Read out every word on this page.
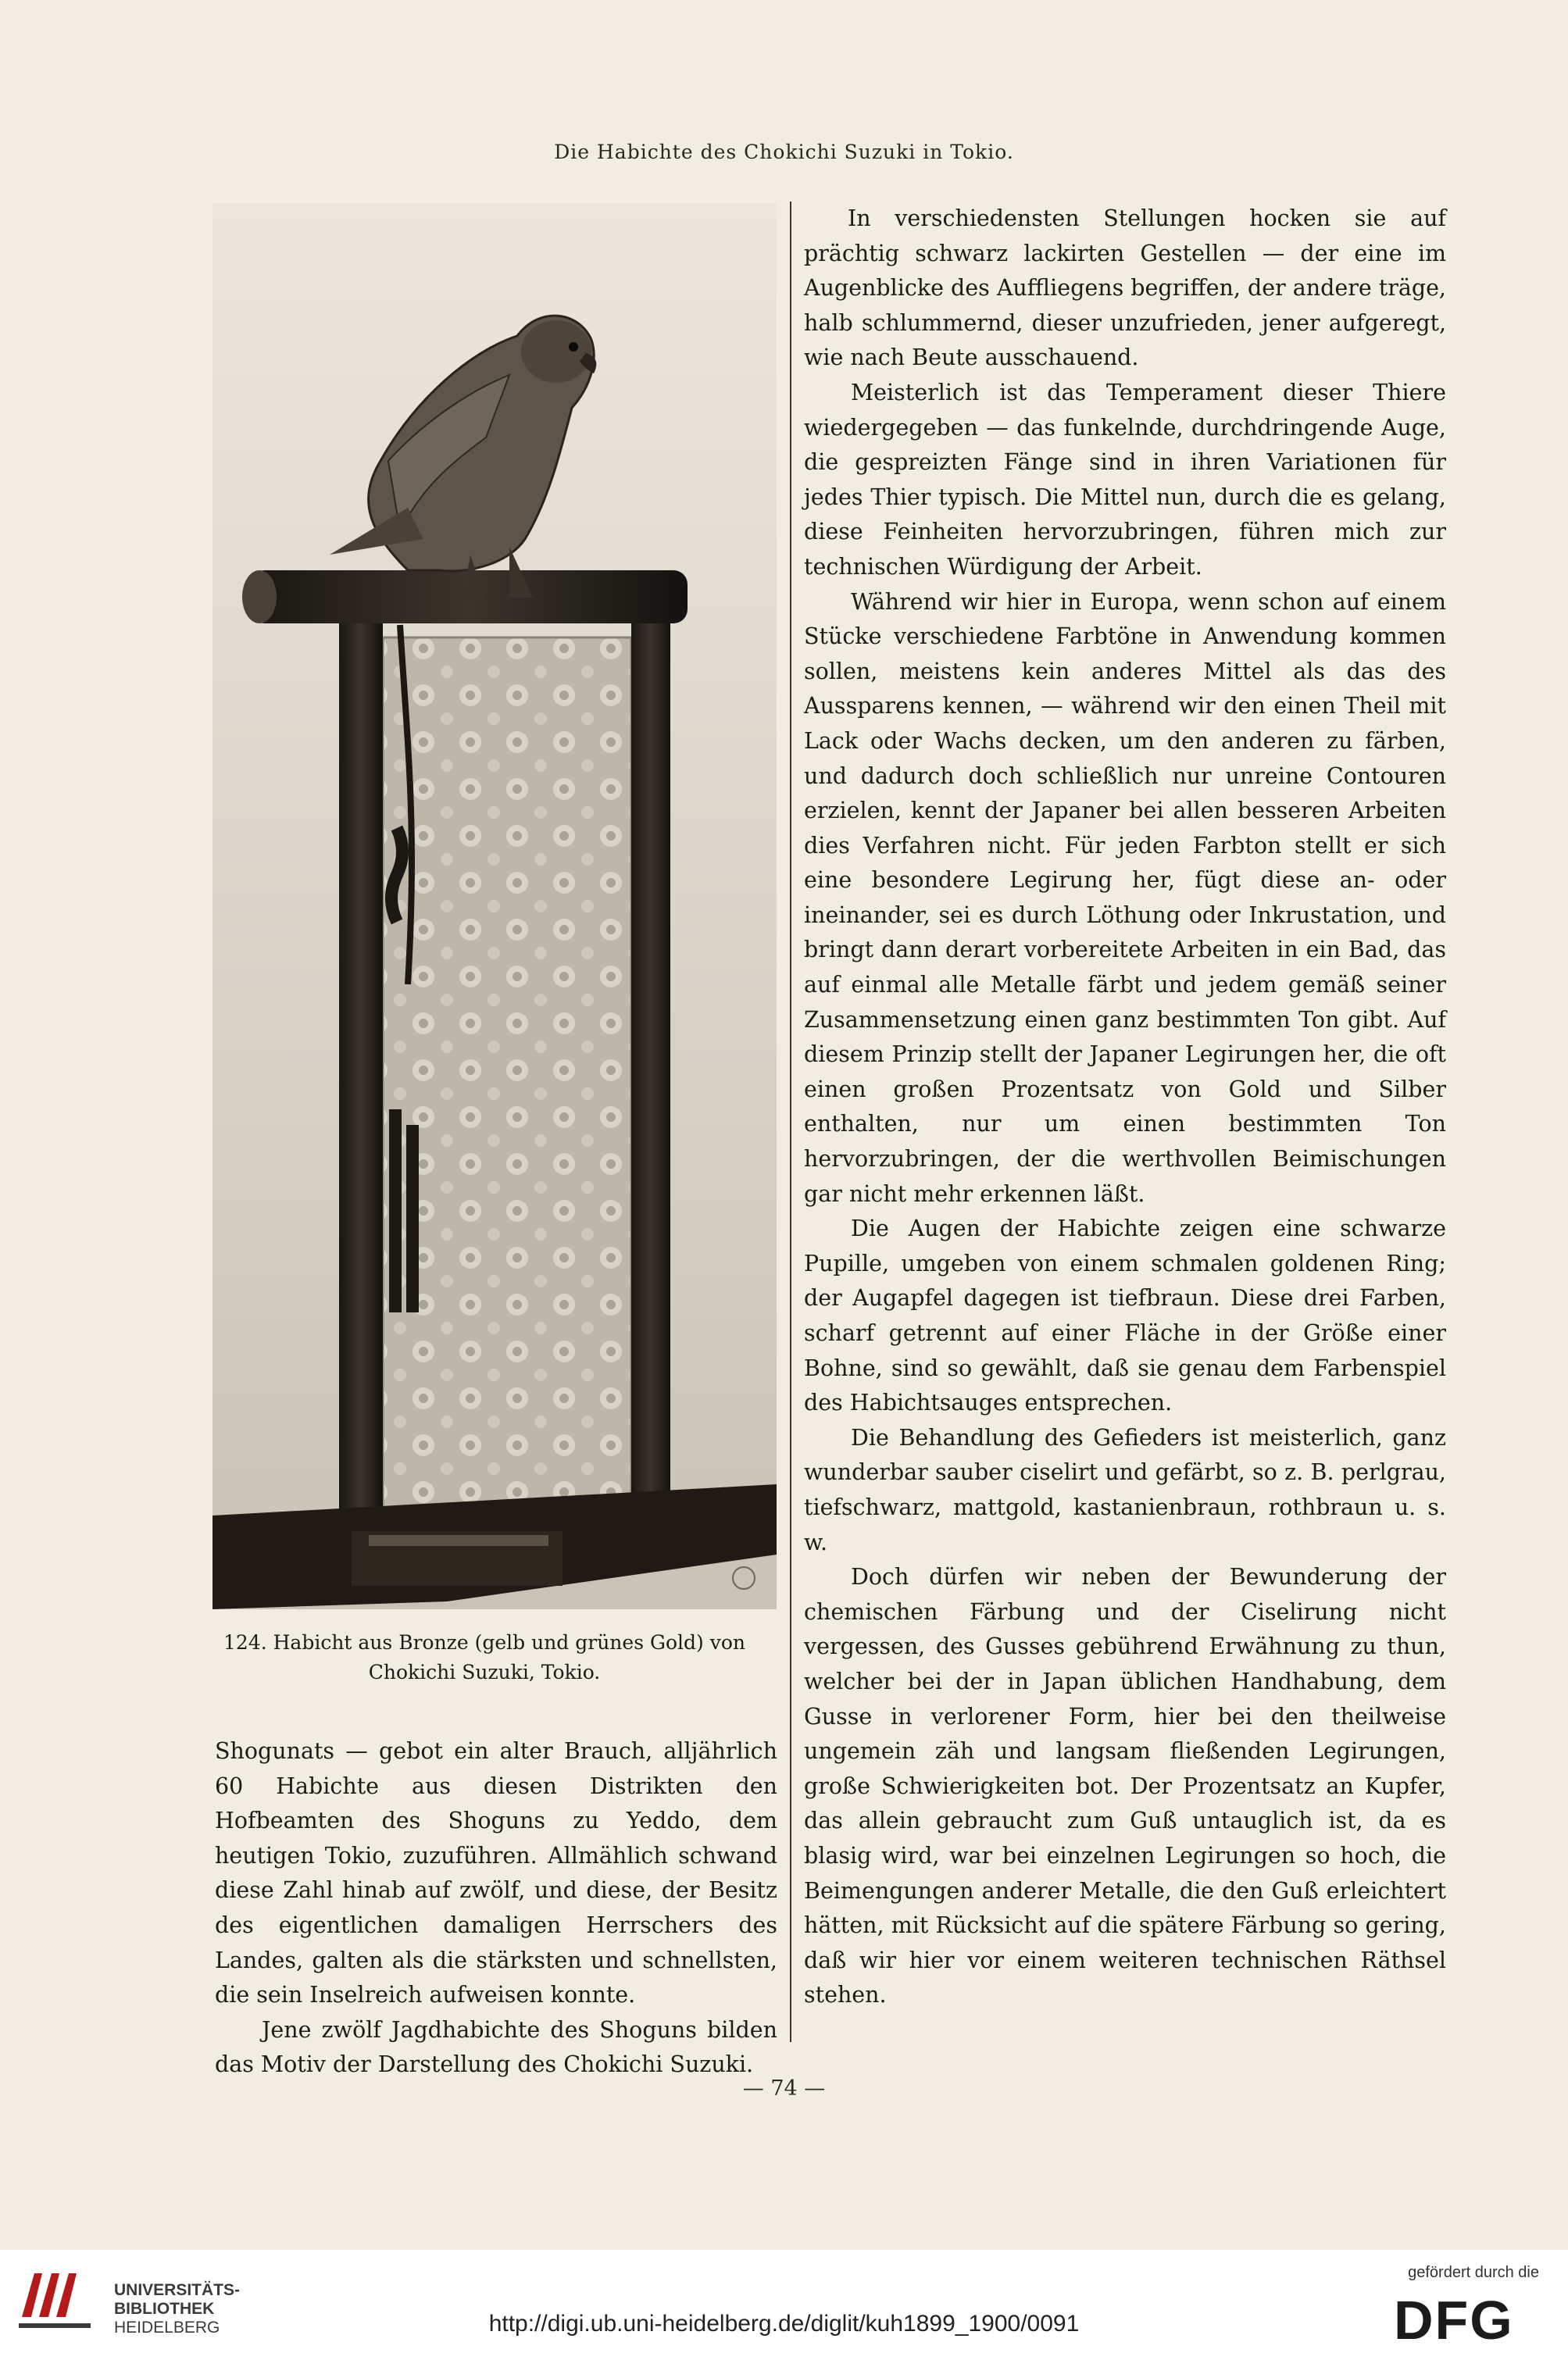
Die Habichte des Chokichi Suzuki in Tokio.
124. Habicht aus Bronze (gelb und grünes Gold) von
Chokichi Suzuki, Tokio.

In verschiedensten Stellungen hocken sie auf prächtig schwarz lackirten Gestellen — der eine im Augenblicke des Auffliegens begriffen, der andere träge, halb schlummernd, dieser unzufrieden, jener aufgeregt, wie nach Beute ausschauend.

Meisterlich ist das Temperament dieser Thiere wiedergegeben — das funkelnde, durchdringende Auge, die gespreizten Fänge sind in ihren Variationen für jedes Thier typisch. Die Mittel nun, durch die es gelang, diese Feinheiten hervorzubringen, führen mich zur technischen Würdigung der Arbeit.

Während wir hier in Europa, wenn schon auf einem Stücke verschiedene Farbtöne in Anwendung kommen sollen, meistens kein anderes Mittel als das des Aussparens kennen, — während wir den einen Theil mit Lack oder Wachs decken, um den anderen zu färben, und dadurch doch schließlich nur unreine Contouren erzielen, kennt der Japaner bei allen besseren Arbeiten dies Verfahren nicht. Für jeden Farbton stellt er sich eine besondere Legirung her, fügt diese an- oder ineinander, sei es durch Löthung oder Inkrustation, und bringt dann derart vorbereitete Arbeiten in ein Bad, das auf einmal alle Metalle färbt und jedem gemäß seiner Zusammensetzung einen ganz bestimmten Ton gibt. Auf diesem Prinzip stellt der Japaner Legirungen her, die oft einen großen Prozentsatz von Gold und Silber enthalten, nur um einen bestimmten Ton hervorzubringen, der die werthvollen Beimischungen gar nicht mehr erkennen läßt.

Die Augen der Habichte zeigen eine schwarze Pupille, umgeben von einem schmalen goldenen Ring; der Augapfel dagegen ist tiefbraun. Diese drei Farben, scharf getrennt auf einer Fläche in der Größe einer Bohne, sind so gewählt, daß sie genau dem Farbenspiel des Habichtsauges entsprechen.

Die Behandlung des Gefieders ist meisterlich, ganz wunderbar sauber ciselirt und gefärbt, so z. B. perlgrau, tiefschwarz, mattgold, kastanienbraun, rothbraun u. s. w.

Doch dürfen wir neben der Bewunderung der chemischen Färbung und der Ciselirung nicht vergessen, des Gusses gebührend Erwähnung zu thun, welcher bei der in Japan üblichen Handhabung, dem Gusse in verlorener Form, hier bei den theilweise ungemein zäh und langsam fließenden Legirungen, große Schwierigkeiten bot. Der Prozentsatz an Kupfer, das allein gebraucht zum Guß untauglich ist, da es blasig wird, war bei einzelnen Legirungen so hoch, die Beimengungen anderer Metalle, die den Guß erleichtert hätten, mit Rücksicht auf die spätere Färbung so gering, daß wir hier vor einem weiteren technischen Räthsel stehen.

Shogunats — gebot ein alter Brauch, alljährlich 60 Habichte aus diesen Distrikten den Hofbeamten des Shoguns zu Yeddo, dem heutigen Tokio, zuzuführen. Allmählich schwand diese Zahl hinab auf zwölf, und diese, der Besitz des eigentlichen damaligen Herrschers des Landes, galten als die stärksten und schnellsten, die sein Inselreich aufweisen konnte.

Jene zwölf Jagdhabichte des Shoguns bilden das Motiv der Darstellung des Chokichi Suzuki.

— 74 —
UNIVERSITÄTS-
BIBLIOTHEK
HEIDELBERG	http://digi.ub.uni-heidelberg.de/diglit/kuh1899_1900/0091
gefördert durch die
DFG
